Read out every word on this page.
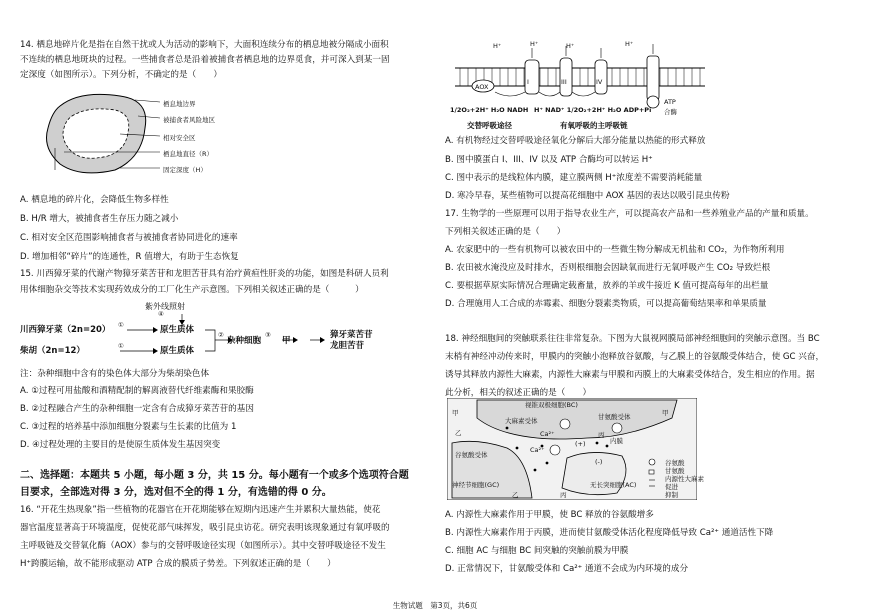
14. 栖息地碎片化是指在自然干扰或人为活动的影响下，大面积连续分布的栖息地被分隔成小面积
不连续的栖息地斑块的过程。一些捕食者总是沿着被捕食者栖息地的边界觅食，并可深入到某一固
定深度（如图所示）。下列分析，不确定的是（　　）
栖息地边界
被捕食者风险地区
相对安全区
栖息地直径（R）
固定深度（H）
A. 栖息地的碎片化，会降低生物多样性
B. H/R 增大，被捕食者生存压力随之减小
C. 相对安全区范围影响捕食者与被捕食者协同进化的速率
D. 增加相邻“碎片”的连通性，R 值增大，有助于生态恢复
15. 川西獐牙菜的代谢产物獐牙菜苦苷和龙胆苦苷具有治疗黄疸性肝炎的功能，如图是科研人员利
用体细胞杂交等技术实现药效成分的工厂化生产示意图。下列相关叙述正确的是（　　　）
紫外线照射
④
川西獐牙菜（2n=20） ①	原生质体
柴胡（2n=12）	①	原生质体
②
杂种细胞
③
甲
獐牙菜苦苷
龙胆苦苷
注：杂种细胞中含有的染色体大部分为柴胡染色体
A. ①过程可用盐酸和酒精配制的解离液替代纤维素酶和果胶酶
B. ②过程融合产生的杂种细胞一定含有合成獐牙菜苦苷的基因
C. ③过程的培养基中添加细胞分裂素与生长素的比值为 1
D. ④过程处理的主要目的是使原生质体发生基因突变
二、选择题：本题共 5 小题，每小题 3 分，共 15 分。每小题有一个或多个选项符合题
目要求，全部选对得 3 分，选对但不全的得 1 分，有选错的得 0 分。
16. “开花生热现象”指一些植物的花器官在开花期能够在短期内迅速产生并累积大量热能，使花
器官温度显著高于环境温度，促使花部气味挥发，吸引昆虫访花。研究表明该现象通过有氧呼吸的
主呼吸链及交替氧化酶（AOX）参与的交替呼吸途径实现（如图所示）。其中交替呼吸途径不发生
H⁺跨膜运输，故不能形成驱动 ATP 合成的膜质子势差。下列叙述正确的是（　　）
H⁺	H⁺	H⁺	H⁺
AOX
I	III	IV
1/2O₂+2H⁺ H₂O NADH H⁺ NAD⁺ 1/2O₂+2H⁺ H₂O ADP+Pi
ATP
合酶
交替呼吸途径	有氧呼吸的主呼吸链
A. 有机物经过交替呼吸途径氧化分解后大部分能量以热能的形式释放
B. 图中膜蛋白 I、III、IV 以及 ATP 合酶均可以转运 H⁺
C. 图中表示的是线粒体内膜，建立膜两侧 H⁺浓度差不需要消耗能量
D. 寒冷早春，某些植物可以提高花细胞中 AOX 基因的表达以吸引昆虫传粉
17. 生物学的一些原理可以用于指导农业生产，可以提高农产品和一些养殖业产品的产量和质量。
下列相关叙述正确的是（　　）
A. 农家肥中的一些有机物可以被农田中的一些微生物分解成无机盐和 CO₂，为作物所利用
B. 农田被水淹没应及时排水，否则根细胞会因缺氧而进行无氧呼吸产生 CO₂ 导致烂根
C. 要根据草原实际情况合理确定载畜量，放养的羊或牛接近 K 值可提高每年的出栏量
D. 合理施用人工合成的赤霉素、细胞分裂素类物质，可以提高葡萄结果率和单果质量
18. 神经细胞间的突触联系往往非常复杂。下图为大鼠视网膜局部神经细胞间的突触示意图。当 BC
末梢有神经冲动传来时，甲膜内的突触小泡释放谷氨酸，与乙膜上的谷氨酸受体结合，使 GC 兴奋，
诱导其释放内源性大麻素，内源性大麻素与甲膜和丙膜上的大麻素受体结合，发生相应的作用。据
此分析，相关的叙述正确的是（　　）
视锥双极细胞(BC)
甲	甲
大麻素受体	甘氨酸受体
Ca²⁺
乙	丙
Ca²⁺
谷氨酸受体
谷氨酸
甘氨酸
内源性大麻素
促进
抑制
(-)
(+)	内膜
神经节细胞(GC)	无长突细胞(AC)
乙	丙
A. 内源性大麻素作用于甲膜，使 BC 释放的谷氨酸增多
B. 内源性大麻素作用于丙膜，进而使甘氨酸受体活化程度降低导致 Ca²⁺ 通道活性下降
C. 细胞 AC 与细胞 BC 间突触的突触前膜为甲膜
D. 正常情况下，甘氨酸受体和 Ca²⁺ 通道不会成为内环境的成分
生物试题　第3页，共6页
